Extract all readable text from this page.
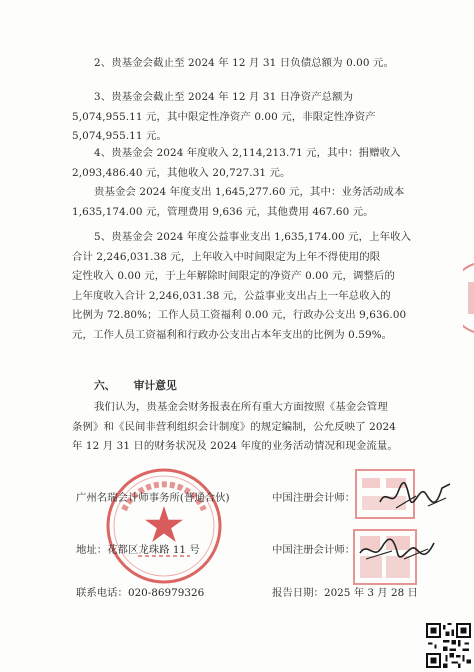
2、贵基金会截止至 2024 年 12 月 31 日负债总额为 0.00 元。
3、贵基金会截止至 2024 年 12 月 31 日净资产总额为
5,074,955.11 元，其中限定性净资产 0.00 元，非限定性净资产
5,074,955.11 元。
4、贵基金会 2024 年度收入 2,114,213.71 元，其中：捐赠收入
2,093,486.40 元，其他收入 20,727.31 元。
贵基金会 2024 年度支出 1,645,277.60 元，其中：业务活动成本
1,635,174.00 元，管理费用 9,636 元，其他费用 467.60 元。
5、贵基金会 2024 年度公益事业支出 1,635,174.00 元，上年收入
合计 2,246,031.38 元，上年收入中时间限定为上年不得使用的限
定性收入 0.00 元，于上年解除时间限定的净资产 0.00 元，调整后的
上年度收入合计 2,246,031.38 元，公益事业支出占上一年总收入的
比例为 72.80%；工作人员工资福利 0.00 元，行政办公支出 9,636.00
元，工作人员工资福利和行政办公支出占本年支出的比例为 0.59%。
六、 审计意见
我们认为，贵基金会财务报表在所有重大方面按照《基金会管理
条例》和《民间非营利组织会计制度》的规定编制，公允反映了 2024
年 12 月 31 日的财务状况及 2024 年度的业务活动情况和现金流量。
广州名瑞会计师事务所(普通合伙)	中国注册会计师：
地址：花都区龙珠路 11 号	中国注册会计师：
联系电话：020-86979326	报告日期：2025 年 3 月 28 日
